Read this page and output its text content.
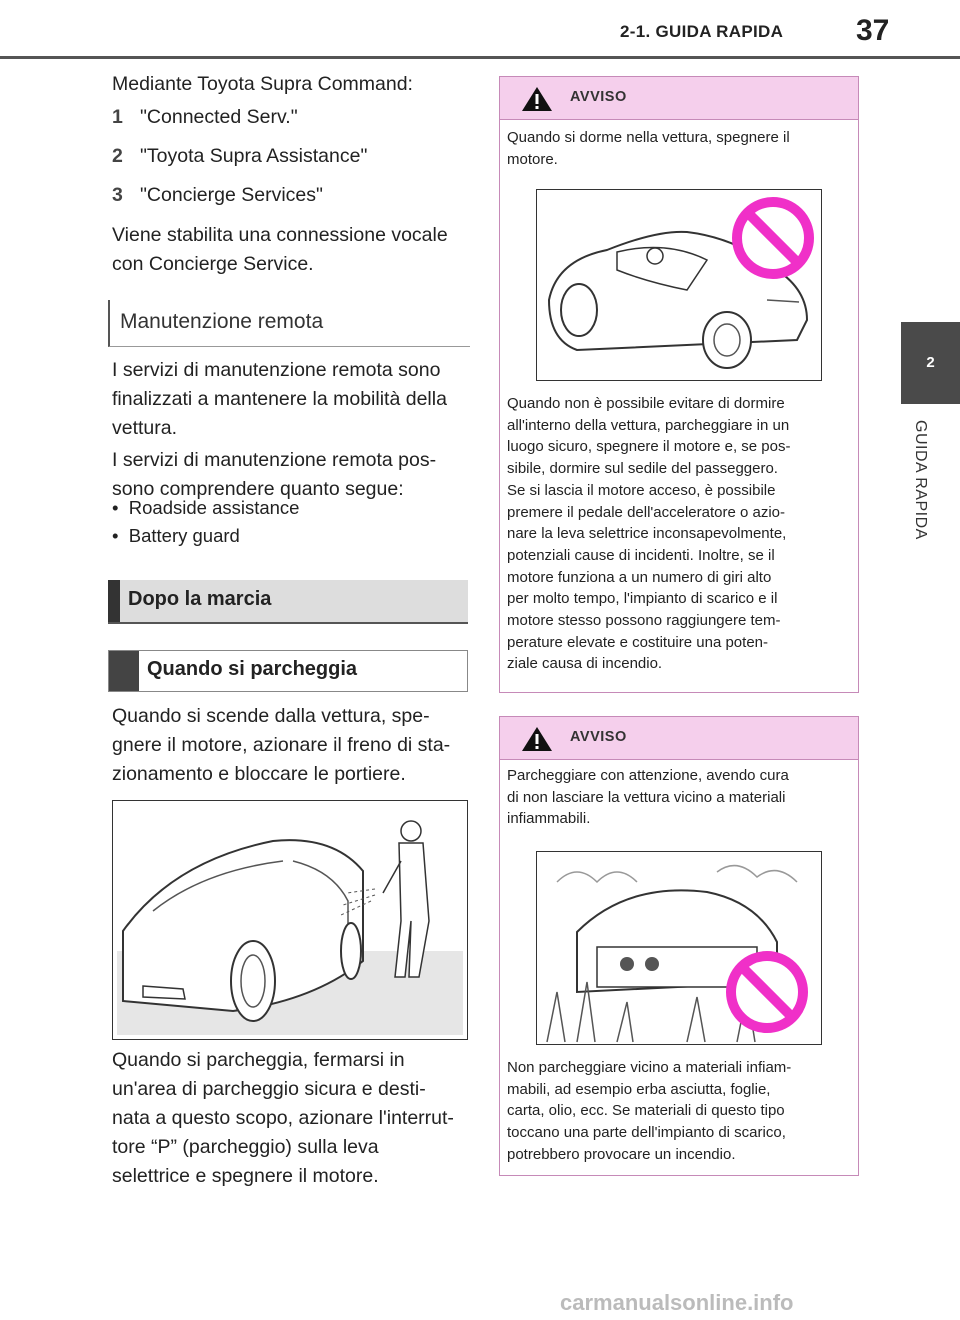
2-1. GUIDA RAPIDA 37
2
GUIDA RAPIDA
Mediante Toyota Supra Command:
1 "Connected Serv."
2 "Toyota Supra Assistance"
3 "Concierge Services"
Viene stabilita una connessione vocale
con Concierge Service.
Manutenzione remota
I servizi di manutenzione remota sono
finalizzati a mantenere la mobilità della
vettura.
I servizi di manutenzione remota pos-
sono comprendere quanto segue:
•  Roadside assistance
•  Battery guard
Dopo la marcia
Quando si parcheggia
Quando si scende dalla vettura, spe-
gnere il motore, azionare il freno di sta-
zionamento e bloccare le portiere.
Quando si parcheggia, fermarsi in
un'area di parcheggio sicura e desti-
nata a questo scopo, azionare l'interrut-
tore “P” (parcheggio) sulla leva
selettrice e spegnere il motore.
AVVISO
Quando si dorme nella vettura, spegnere il
motore.
Quando non è possibile evitare di dormire
all'interno della vettura, parcheggiare in un
luogo sicuro, spegnere il motore e, se pos-
sibile, dormire sul sedile del passeggero.
Se si lascia il motore acceso, è possibile
premere il pedale dell'acceleratore o azio-
nare la leva selettrice inconsapevolmente,
potenziali cause di incidenti. Inoltre, se il
motore funziona a un numero di giri alto
per molto tempo, l'impianto di scarico e il
motore stesso possono raggiungere tem-
perature elevate e costituire una poten-
ziale causa di incendio.
AVVISO
Parcheggiare con attenzione, avendo cura
di non lasciare la vettura vicino a materiali
infiammabili.
Non parcheggiare vicino a materiali infiam-
mabili, ad esempio erba asciutta, foglie,
carta, olio, ecc. Se materiali di questo tipo
toccano una parte dell'impianto di scarico,
potrebbero provocare un incendio.
carmanualsonline.info
